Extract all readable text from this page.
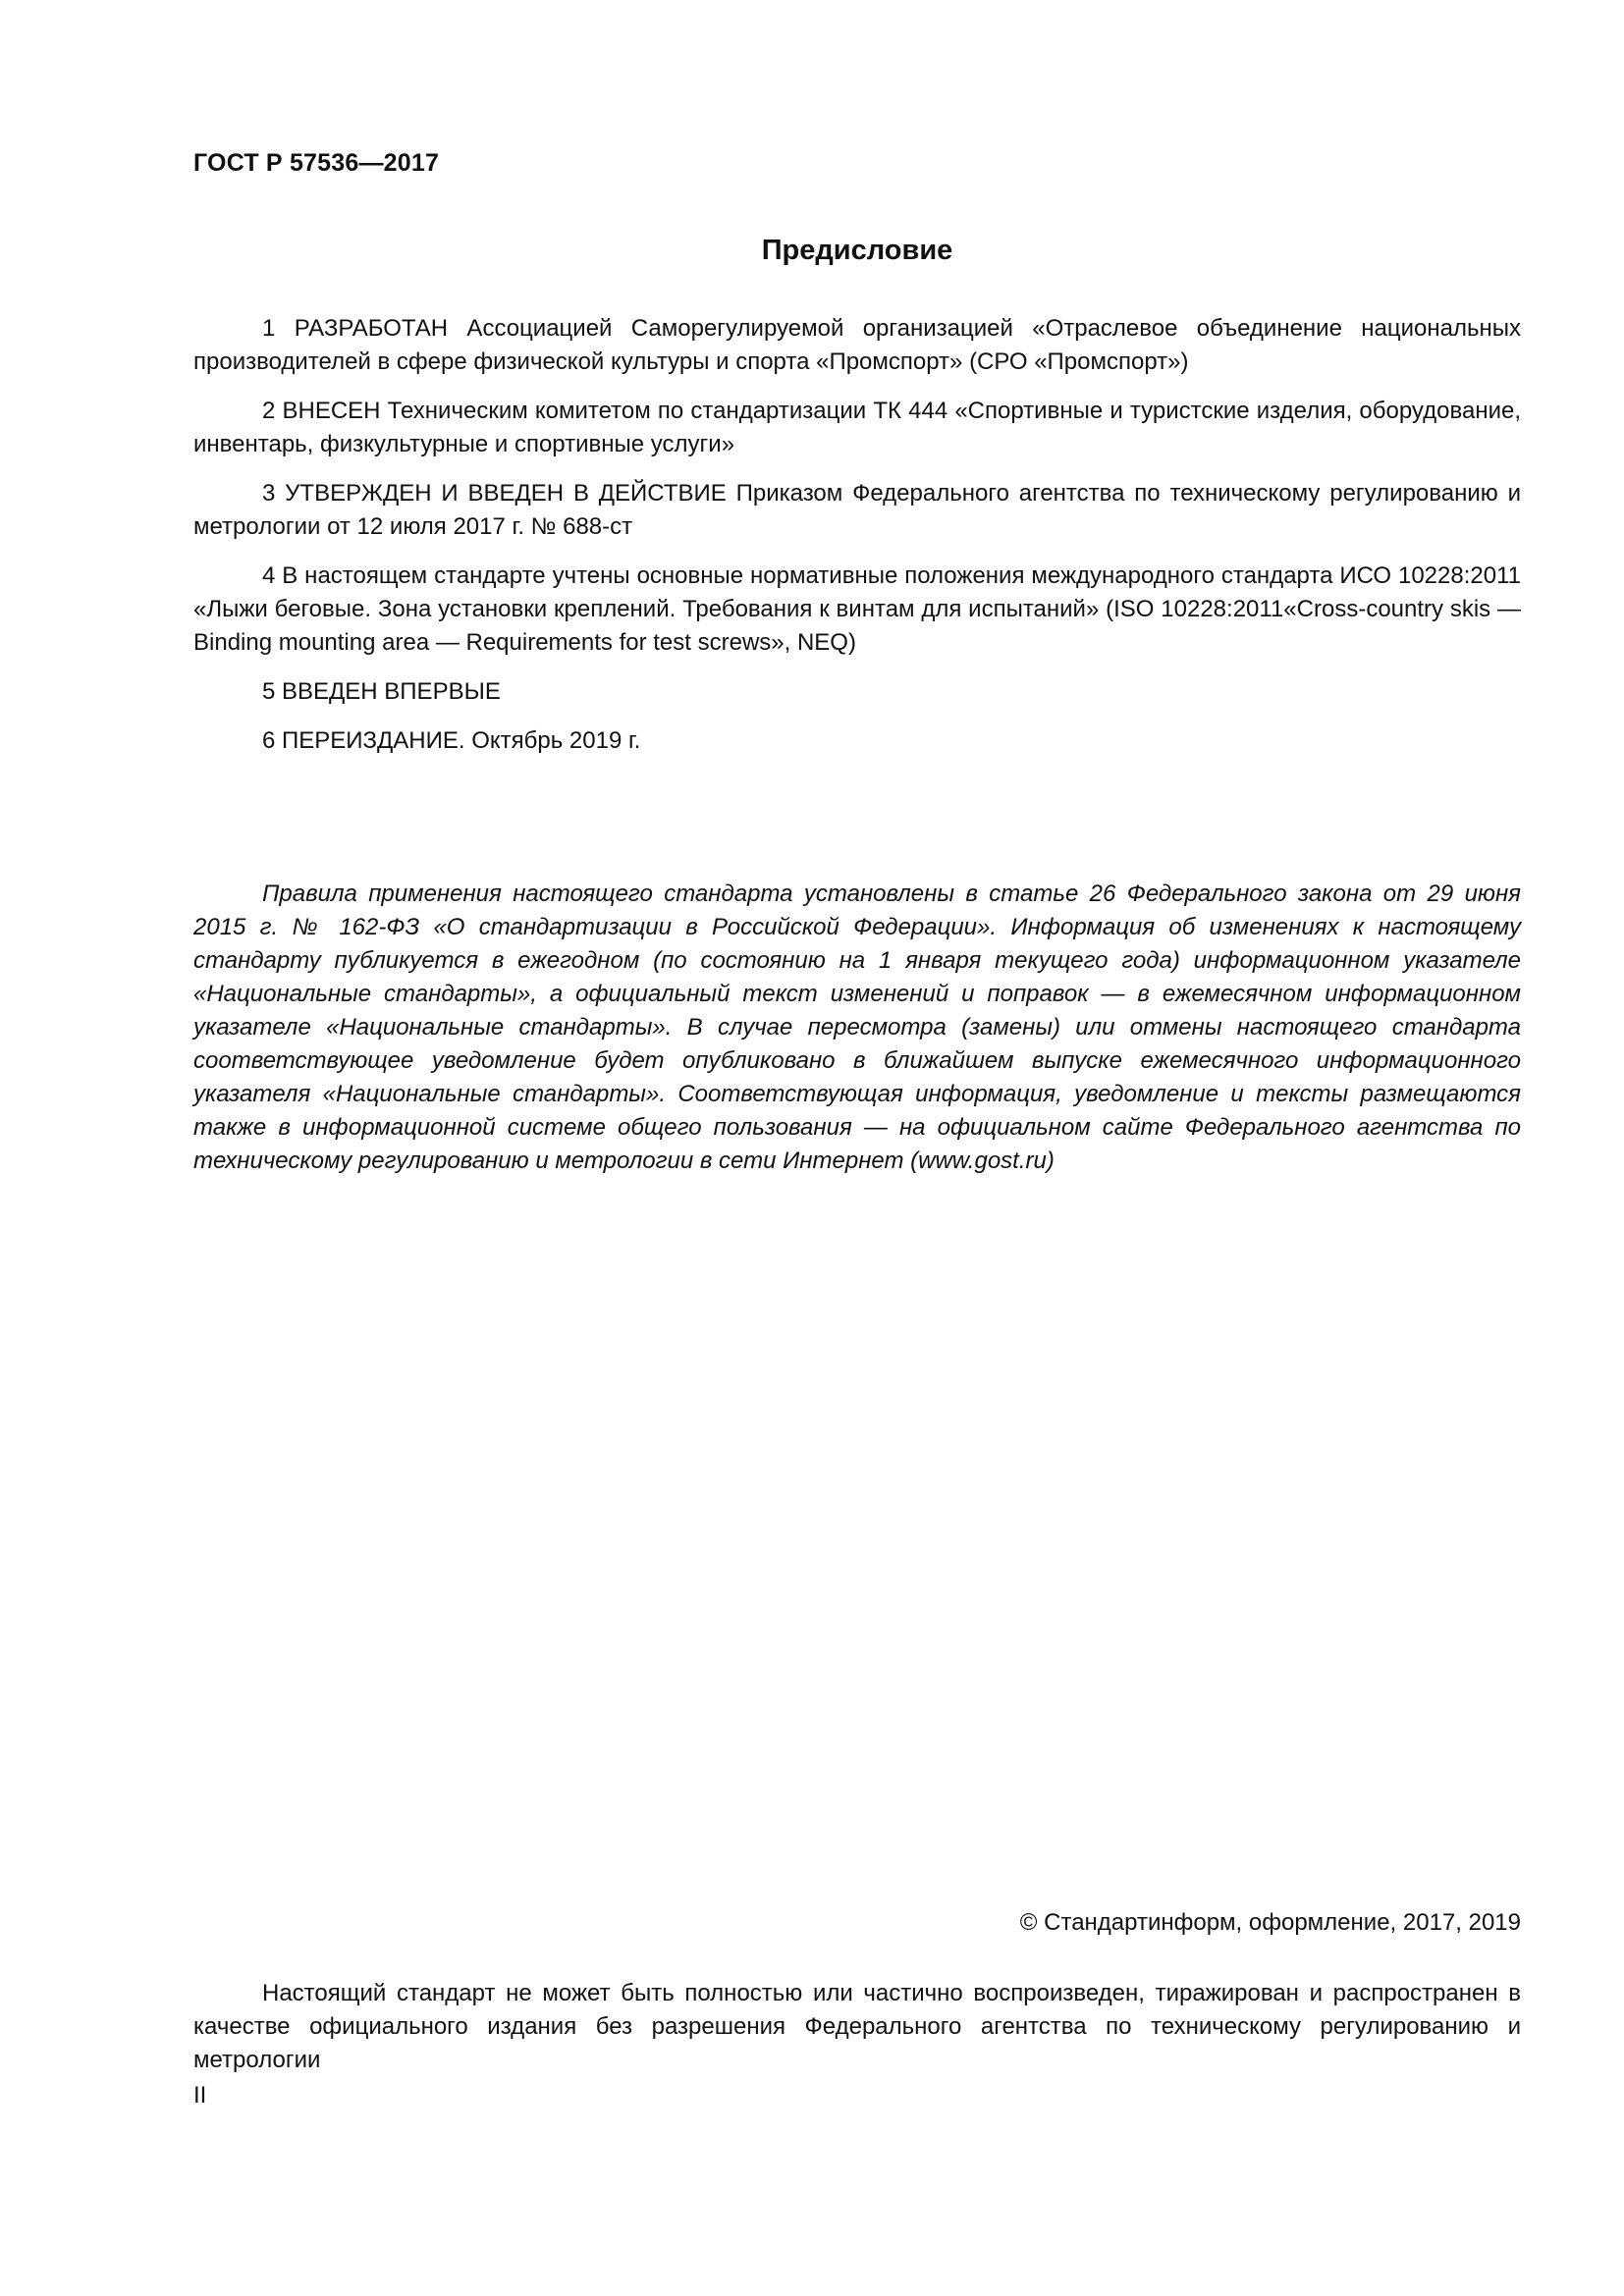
ГОСТ Р 57536—2017
Предисловие

1 РАЗРАБОТАН Ассоциацией Саморегулируемой организацией «Отраслевое объединение национальных производителей в сфере физической культуры и спорта «Промспорт» (СРО «Промспорт»)

2 ВНЕСЕН Техническим комитетом по стандартизации ТК 444 «Спортивные и туристские изделия, оборудование, инвентарь, физкультурные и спортивные услуги»

3 УТВЕРЖДЕН И ВВЕДЕН В ДЕЙСТВИЕ Приказом Федерального агентства по техническому регулированию и метрологии от 12 июля 2017 г. № 688-ст

4 В настоящем стандарте учтены основные нормативные положения международного стандарта ИСО 10228:2011 «Лыжи беговые. Зона установки креплений. Требования к винтам для испытаний» (ISO 10228:2011«Cross-country skis — Binding mounting area — Requirements for test screws», NEQ)

5 ВВЕДЕН ВПЕРВЫЕ

6 ПЕРЕИЗДАНИЕ. Октябрь 2019 г.

Правила применения настоящего стандарта установлены в статье 26 Федерального закона от 29 июня 2015 г. № 162-ФЗ «О стандартизации в Российской Федерации». Информация об изменениях к настоящему стандарту публикуется в ежегодном (по состоянию на 1 января текущего года) информационном указателе «Национальные стандарты», а официальный текст изменений и поправок — в ежемесячном информационном указателе «Национальные стандарты». В случае пересмотра (замены) или отмены настоящего стандарта соответствующее уведомление будет опубликовано в ближайшем выпуске ежемесячного информационного указателя «Национальные стандарты». Соответствующая информация, уведомление и тексты размещаются также в информационной системе общего пользования — на официальном сайте Федерального агентства по техническому регулированию и метрологии в сети Интернет (www.gost.ru)

© Стандартинформ, оформление, 2017, 2019

Настоящий стандарт не может быть полностью или частично воспроизведен, тиражирован и распространен в качестве официального издания без разрешения Федерального агентства по техническому регулированию и метрологии

II
